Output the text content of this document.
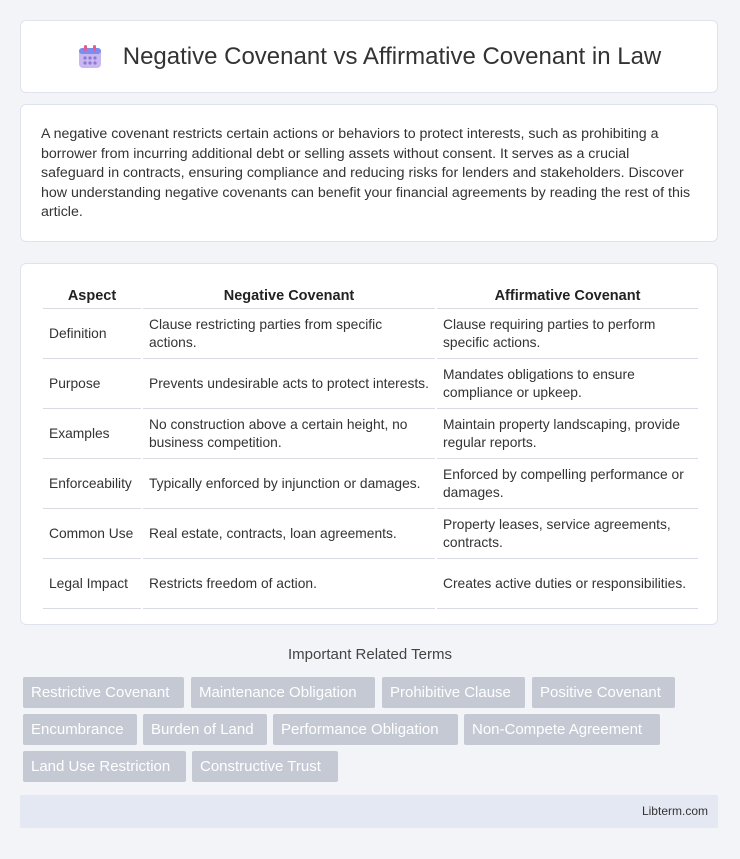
Negative Covenant vs Affirmative Covenant in Law

A negative covenant restricts certain actions or behaviors to protect interests, such as prohibiting a borrower from incurring additional debt or selling assets without consent. It serves as a crucial safeguard in contracts, ensuring compliance and reducing risks for lenders and stakeholders. Discover how understanding negative covenants can benefit your financial agreements by reading the rest of this article.

Aspect	Negative Covenant	Affirmative Covenant
Definition	Clause restricting parties from specific actions.	Clause requiring parties to perform specific actions.
Purpose	Prevents undesirable acts to protect interests.	Mandates obligations to ensure compliance or upkeep.
Examples	No construction above a certain height, no business competition.	Maintain property landscaping, provide regular reports.
Enforceability	Typically enforced by injunction or damages.	Enforced by compelling performance or damages.
Common Use	Real estate, contracts, loan agreements.	Property leases, service agreements, contracts.
Legal Impact	Restricts freedom of action.	Creates active duties or responsibilities.
Important Related Terms
Restrictive Covenant	Maintenance Obligation	Prohibitive Clause	Positive Covenant
Encumbrance	Burden of Land	Performance Obligation	Non-Compete Agreement
Land Use Restriction	Constructive Trust
Libterm.com
